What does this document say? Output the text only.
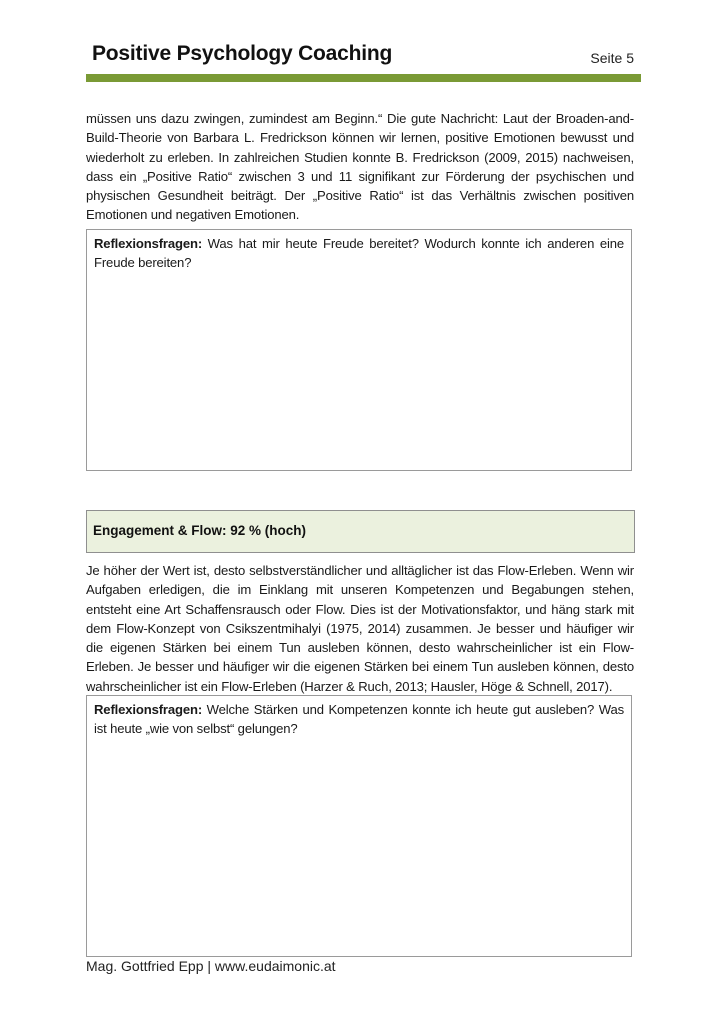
Positive Psychology Coaching	Seite 5

müssen uns dazu zwingen, zumindest am Beginn.“ Die gute Nachricht: Laut der Broaden-and-Build-Theorie von Barbara L. Fredrickson können wir lernen, positive Emotionen bewusst und wiederholt zu erleben. In zahlreichen Studien konnte B. Fredrickson (2009, 2015) nachweisen, dass ein „Positive Ratio“ zwischen 3 und 11 signifikant zur Förderung der psychischen und physischen Gesundheit beiträgt. Der „Positive Ratio“ ist das Verhältnis zwischen positiven Emotionen und negativen Emotionen.

Reflexionsfragen: Was hat mir heute Freude bereitet? Wodurch konnte ich anderen eine Freude bereiten?
Engagement & Flow: 92 % (hoch)

Je höher der Wert ist, desto selbstverständlicher und alltäglicher ist das Flow-Erleben. Wenn wir Aufgaben erledigen, die im Einklang mit unseren Kompetenzen und Begabungen stehen, entsteht eine Art Schaffensrausch oder Flow. Dies ist der Motivationsfaktor, und häng stark mit dem Flow-Konzept von Csikszentmihalyi (1975, 2014) zusammen. Je besser und häufiger wir die eigenen Stärken bei einem Tun ausleben können, desto wahrscheinlicher ist ein Flow-Erleben. Je besser und häufiger wir die eigenen Stärken bei einem Tun ausleben können, desto wahrscheinlicher ist ein Flow-Erleben (Harzer & Ruch, 2013; Hausler, Höge & Schnell, 2017).

Reflexionsfragen: Welche Stärken und Kompetenzen konnte ich heute gut ausleben? Was ist heute „wie von selbst“ gelungen?
Mag. Gottfried Epp | www.eudaimonic.at
